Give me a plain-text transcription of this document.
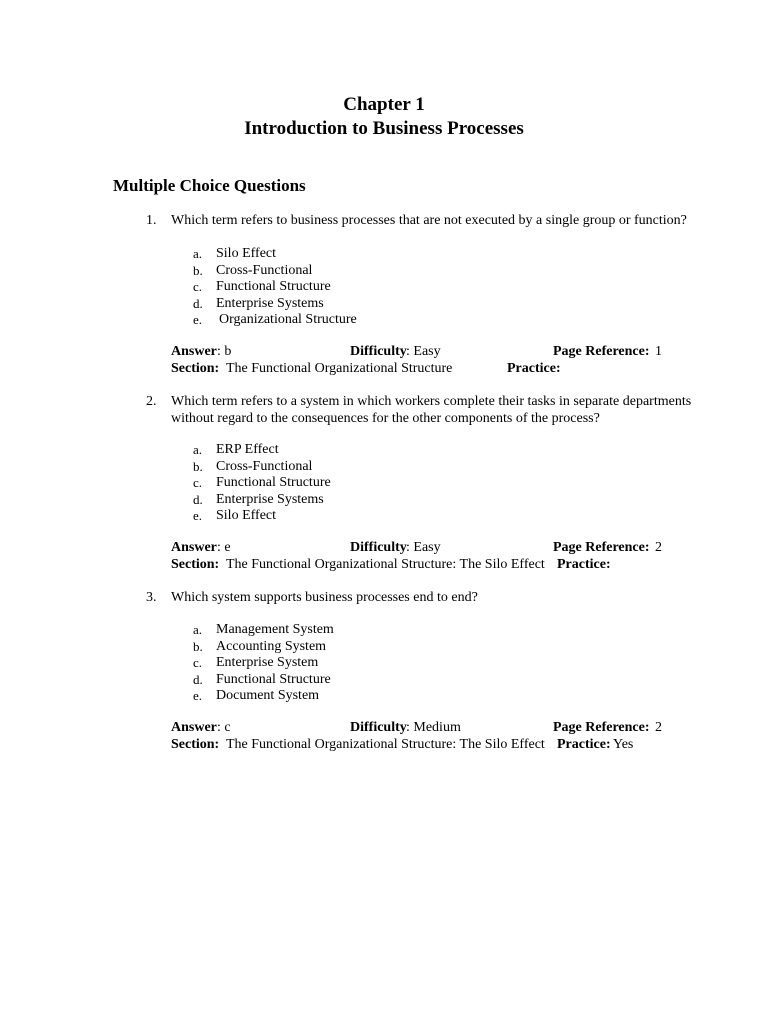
Chapter 1
Introduction to Business Processes
Multiple Choice Questions
1. Which term refers to business processes that are not executed by a single group or function?
a. Silo Effect
b. Cross-Functional
c. Functional Structure
d. Enterprise Systems
e. Organizational Structure
Answer : b	Difficulty : Easy	Page Reference: 1
Section: The Functional Organizational Structure	Practice:
2. Which term refers to a system in which workers complete their tasks in separate departments
without regard to the consequences for the other components of the process?
a. ERP Effect
b. Cross-Functional
c. Functional Structure
d. Enterprise Systems
e. Silo Effect
Answer : e	Difficulty : Easy	Page Reference: 2
Section: The Functional Organizational Structure: The Silo Effect Practice:
3. Which system supports business processes end to end?
a. Management System
b. Accounting System
c. Enterprise System
d. Functional Structure
e. Document System
Answer : c	Difficulty : Medium	Page Reference: 2
Section: The Functional Organizational Structure: The Silo Effect Practice: Yes
